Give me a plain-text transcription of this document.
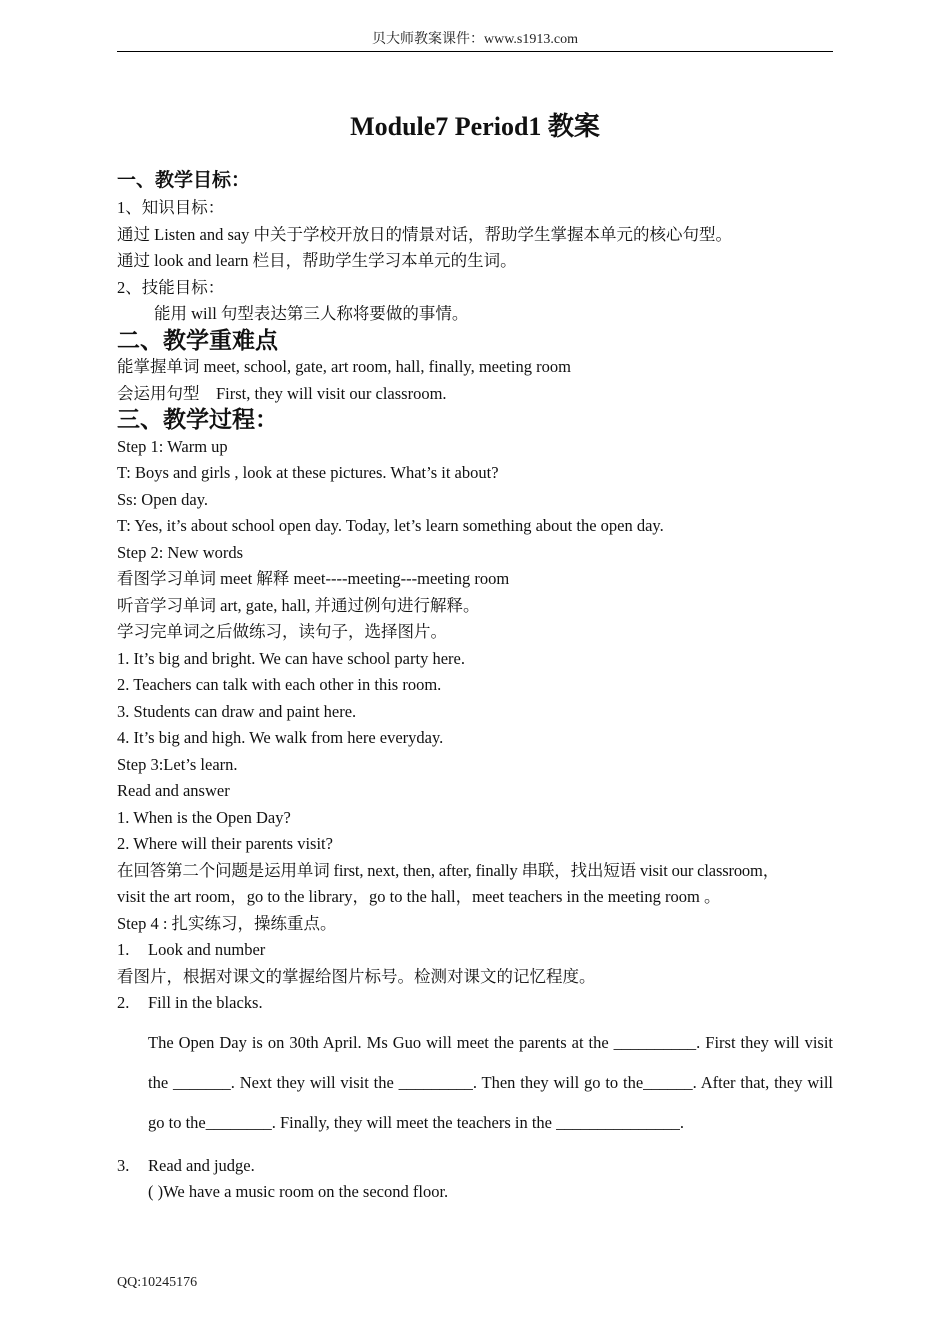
贝大师教案课件：www.s1913.com
Module7 Period1 教案
一、教学目标：
1、知识目标：
通过 Listen and say 中关于学校开放日的情景对话，帮助学生掌握本单元的核心句型。
通过 look and learn 栏目，帮助学生学习本单元的生词。
2、技能目标：
能用 will 句型表达第三人称将要做的事情。
二、教学重难点
能掌握单词 meet, school, gate, art room, hall, finally, meeting room
会运用句型    First, they will visit our classroom.
三、教学过程：
Step 1: Warm up
T: Boys and girls , look at these pictures. What’s it about?
Ss: Open day.
T: Yes, it’s about school open day. Today, let’s learn something about the open day.
Step 2: New words
看图学习单词 meet 解释 meet----meeting---meeting room
听音学习单词 art, gate, hall, 并通过例句进行解释。
学习完单词之后做练习，读句子，选择图片。
1. It’s big and bright. We can have school party here.
2. Teachers can talk with each other in this room.
3. Students can draw and paint here.
4. It’s big and high. We walk from here everyday.
Step 3:Let’s learn.
Read and answer
1. When is the Open Day?
2. Where will their parents visit?
在回答第二个问题是运用单词 first, next, then, after, finally 串联，找出短语 visit our classroom，
visit the art room，go to the library，go to the hall，meet teachers in the meeting room 。
Step 4 : 扎实练习，操练重点。
1. Look and number
看图片，根据对课文的掌握给图片标号。检测对课文的记忆程度。
2. Fill in the blacks.
The Open Day is on 30th April. Ms Guo will meet the parents at the __________. First they will visit the _______. Next they will visit the _________. Then they will go to the______. After that, they will go to the________. Finally, they will meet the teachers in the _______________.
3. Read and judge.
( )We have a music room on the second floor.
QQ:10245176
